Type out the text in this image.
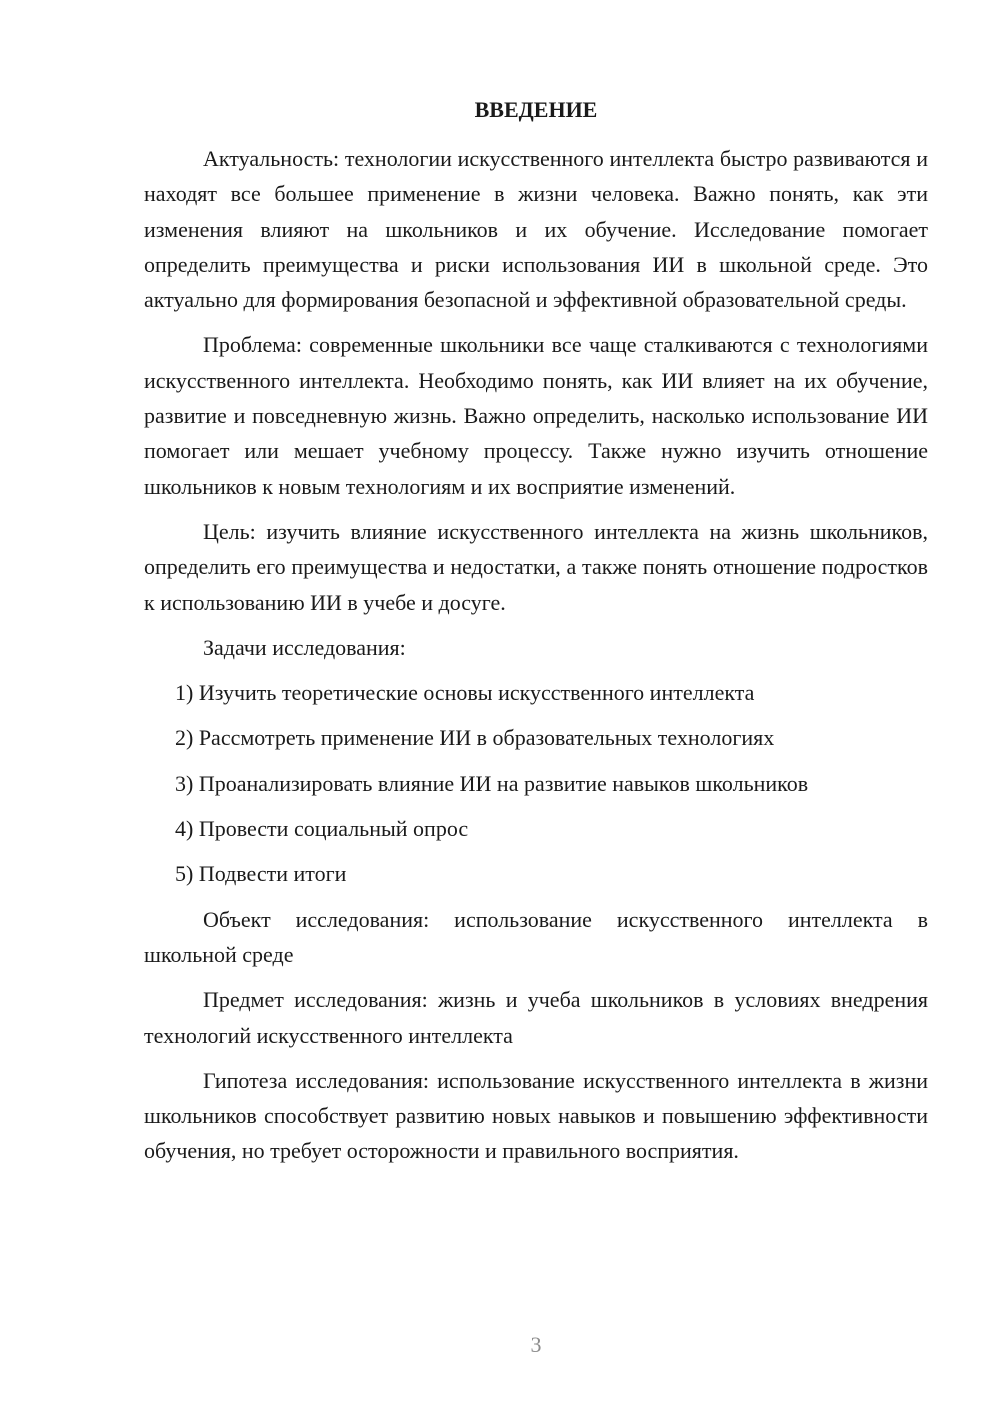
ВВЕДЕНИЕ

Актуальность: технологии искусственного интеллекта быстро развиваются и находят все большее применение в жизни человека. Важно понять, как эти изменения влияют на школьников и их обучение. Исследование помогает определить преимущества и риски использования ИИ в школьной среде. Это актуально для формирования безопасной и эффективной образовательной среды.

Проблема: современные школьники все чаще сталкиваются с технологиями искусственного интеллекта. Необходимо понять, как ИИ влияет на их обучение, развитие и повседневную жизнь. Важно определить, насколько использование ИИ помогает или мешает учебному процессу. Также нужно изучить отношение школьников к новым технологиям и их восприятие изменений.

Цель: изучить влияние искусственного интеллекта на жизнь школьников, определить его преимущества и недостатки, а также понять отношение подростков к использованию ИИ в учебе и досуге.

Задачи исследования:

1) Изучить теоретические основы искусственного интеллекта
2) Рассмотреть применение ИИ в образовательных технологиях
3) Проанализировать влияние ИИ на развитие навыков школьников
4) Провести социальный опрос
5) Подвести итоги

Объект исследования: использование искусственного интеллекта в школьной среде

Предмет исследования: жизнь и учеба школьников в условиях внедрения технологий искусственного интеллекта

Гипотеза исследования: использование искусственного интеллекта в жизни школьников способствует развитию новых навыков и повышению эффективности обучения, но требует осторожности и правильного восприятия.

3
